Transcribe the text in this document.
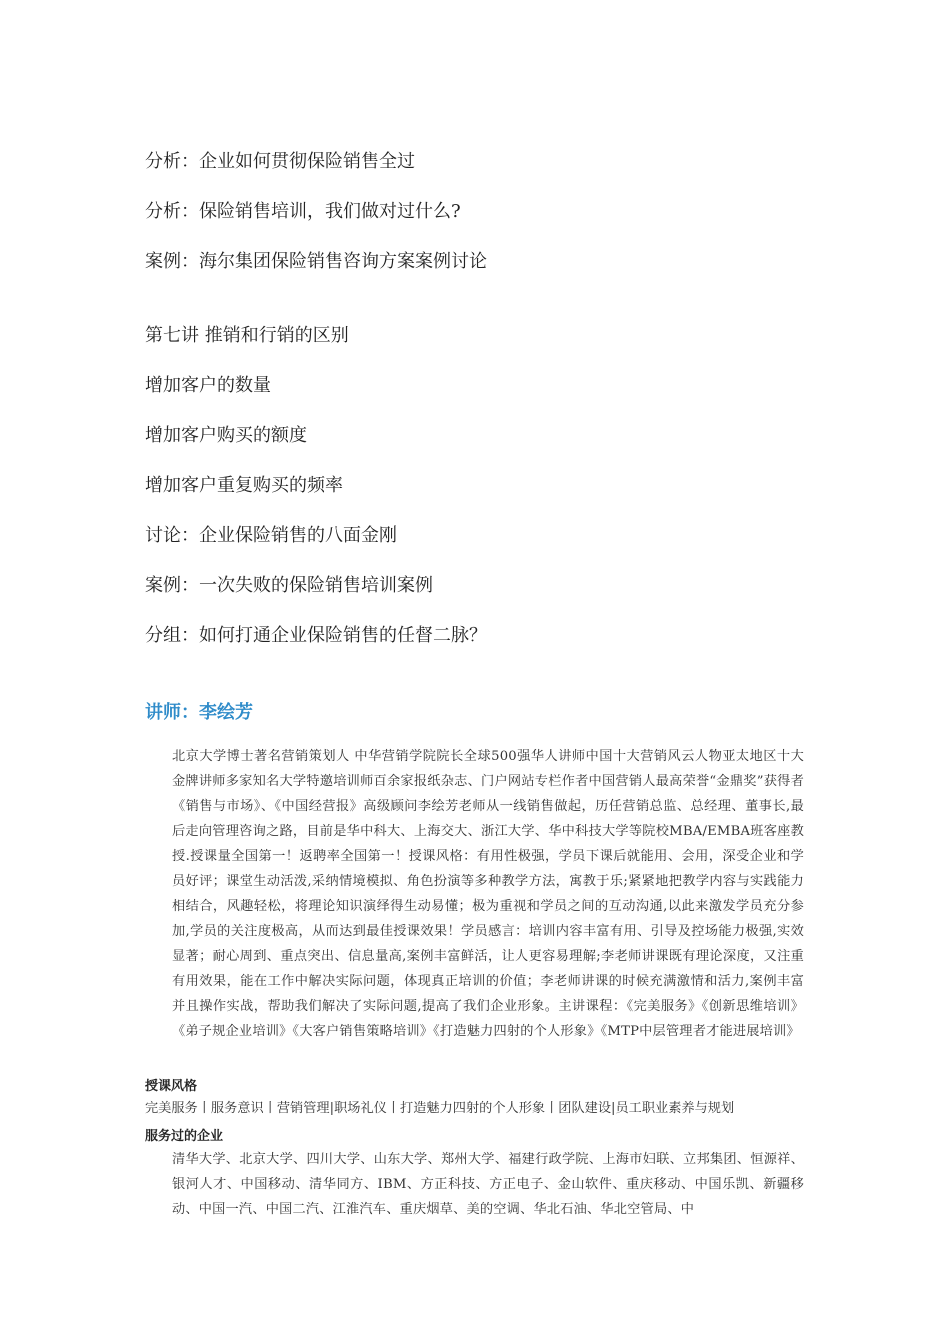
分析：企业如何贯彻保险销售全过
分析：保险销售培训，我们做对过什么?
案例：海尔集团保险销售咨询方案案例讨论
第七讲 推销和行销的区别
增加客户的数量
增加客户购买的额度
增加客户重复购买的频率
讨论：企业保险销售的八面金刚
案例：一次失败的保险销售培训案例
分组：如何打通企业保险销售的任督二脉？
讲师：李绘芳
北京大学博士著名营销策划人 中华营销学院院长全球500强华人讲师中国十大营销风云人物亚太地区十大金牌讲师多家知名大学特邀培训师百余家报纸杂志、门户网站专栏作者中国营销人最高荣誉“金鼎奖”获得者《销售与市场》、《中国经营报》高级顾问李绘芳老师从一线销售做起，历任营销总监、总经理、董事长,最后走向管理咨询之路，目前是华中科大、上海交大、浙江大学、华中科技大学等院校MBA/EMBA班客座教授.授课量全国第一！返聘率全国第一！授课风格：有用性极强，学员下课后就能用、会用，深受企业和学员好评；课堂生动活泼,采纳情境模拟、角色扮演等多种教学方法，寓教于乐;紧紧地把教学内容与实践能力相结合，风趣轻松，将理论知识演绎得生动易懂；极为重视和学员之间的互动沟通,以此来激发学员充分参加,学员的关注度极高，从而达到最佳授课效果！学员感言：培训内容丰富有用、引导及控场能力极强,实效显著；耐心周到、重点突出、信息量高,案例丰富鲜活，让人更容易理解;李老师讲课既有理论深度，又注重有用效果，能在工作中解决实际问题，体现真正培训的价值；李老师讲课的时候充满激情和活力,案例丰富并且操作实战，帮助我们解决了实际问题,提高了我们企业形象。主讲课程：《完美服务》《创新思维培训》《弟子规企业培训》《大客户销售策略培训》《打造魅力四射的个人形象》《MTP中层管理者才能进展培训》
授课风格
完美服务丨服务意识丨营销管理|职场礼仪丨打造魅力四射的个人形象丨团队建设|员工职业素养与规划
服务过的企业
清华大学、北京大学、四川大学、山东大学、郑州大学、福建行政学院、上海市妇联、立邦集团、恒源祥、银河人才、中国移动、清华同方、IBM、方正科技、方正电子、金山软件、重庆移动、中国乐凯、新疆移动、中国一汽、中国二汽、江淮汽车、重庆烟草、美的空调、华北石油、华北空管局、中
